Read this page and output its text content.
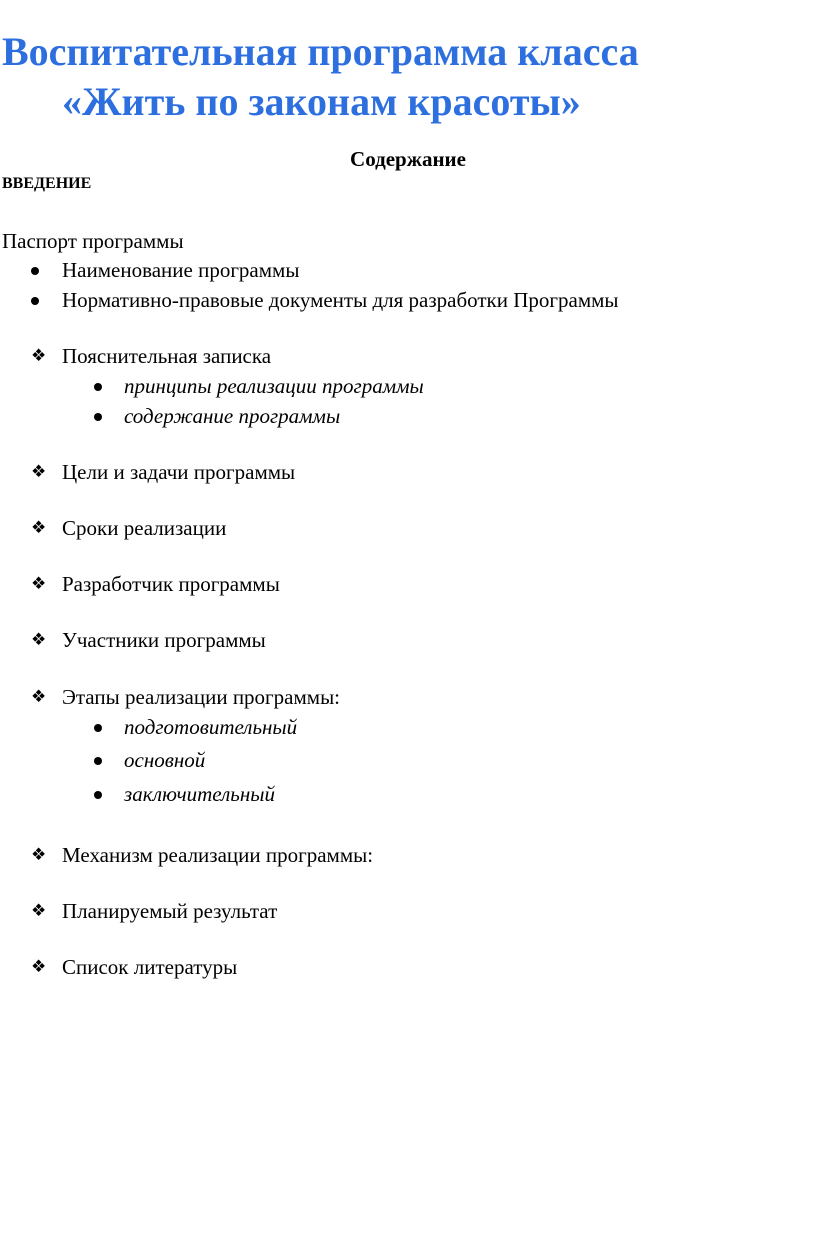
Воспитательная программа класса
«Жить по законам красоты»
Содержание
ВВЕДЕНИЕ
Паспорт программы
Наименование программы
Нормативно-правовые документы для разработки Программы
❖ Пояснительная записка
принципы реализации программы
содержание программы
❖ Цели и задачи программы
❖ Сроки реализации
❖ Разработчик программы
❖ Участники программы
❖ Этапы реализации программы:
подготовительный
основной
заключительный
❖ Механизм реализации программы:
❖ Планируемый результат
❖ Список литературы
